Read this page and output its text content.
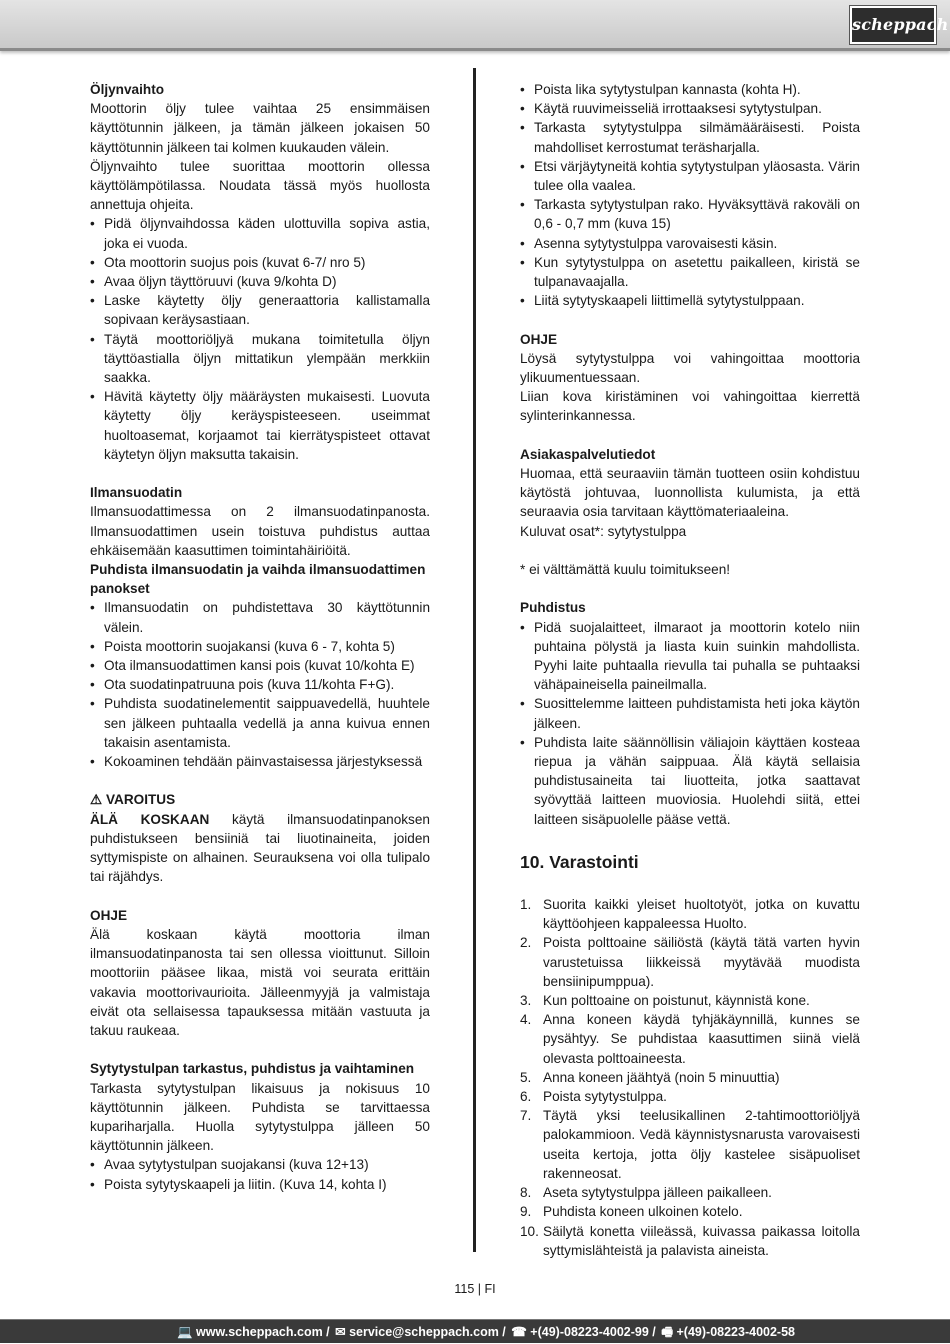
scheppach
Öljynvaihto

Moottorin öljy tulee vaihtaa 25 ensimmäisen käyttötunnin jälkeen, ja tämän jälkeen jokaisen 50 käyttötunnin jälkeen tai kolmen kuukauden välein.

Öljynvaihto tulee suorittaa moottorin ollessa käyttölämpötilassa. Noudata tässä myös huollosta annettuja ohjeita.

• Pidä öljynvaihdossa käden ulottuvilla sopiva astia, joka ei vuoda.
• Ota moottorin suojus pois (kuvat 6-7/ nro 5)
• Avaa öljyn täyttöruuvi (kuva 9/kohta D)
• Laske käytetty öljy generaattoria kallistamalla sopivaan keräysastiaan.
• Täytä moottoriöljyä mukana toimitetulla öljyn täyttöastialla öljyn mittatikun ylempään merkkiin saakka.
• Hävitä käytetty öljy määräysten mukaisesti. Luovuta käytetty öljy keräyspisteeseen. useimmat huoltoasemat, korjaamot tai kierrätyspisteet ottavat käytetyn öljyn maksutta takaisin.
Ilmansuodatin

Ilmansuodattimessa on 2 ilmansuodatinpanosta. Ilmansuodattimen usein toistuva puhdistus auttaa ehkäisemään kaasuttimen toimintahäiriöitä.

Puhdista ilmansuodatin ja vaihda ilmansuodattimen panokset
• Ilmansuodatin on puhdistettava 30 käyttötunnin välein.
• Poista moottorin suojakansi (kuva 6 - 7, kohta 5)
• Ota ilmansuodattimen kansi pois (kuvat 10/kohta E)
• Ota suodatinpatruuna pois (kuva 11/kohta F+G).
• Puhdista suodatinelementit saippuavedellä, huuhtele sen jälkeen puhtaalla vedellä ja anna kuivua ennen takaisin asentamista.
• Kokoaminen tehdään päinvastaisessa järjestyksessä
⚠ VAROITUS

ÄLÄ KOSKAAN käytä ilmansuodatinpanoksen puhdistukseen bensiiniä tai liuotinaineita, joiden syttymispiste on alhainen. Seurauksena voi olla tulipalo tai räjähdys.

OHJE

Älä koskaan käytä moottoria ilman ilmansuodatinpanosta tai sen ollessa vioittunut. Silloin moottoriin pääsee likaa, mistä voi seurata erittäin vakavia moottorivaurioita. Jälleenmyyjä ja valmistaja eivät ota sellaisessa tapauksessa mitään vastuuta ja takuu raukeaa.

Sytytystulpan tarkastus, puhdistus ja vaihtaminen

Tarkasta sytytystulpan likaisuus ja nokisuus 10 käyttötunnin jälkeen. Puhdista se tarvittaessa kupariharjalla. Huolla sytytystulppa jälleen 50 käyttötunnin jälkeen.

• Avaa sytytystulpan suojakansi (kuva 12+13)
• Poista sytytyskaapeli ja liitin. (Kuva 14, kohta I)
• Poista lika sytytystulpan kannasta (kohta H).
• Käytä ruuvimeisseliä irrottaaksesi sytytystulpan.
• Tarkasta sytytystulppa silmämääräisesti. Poista mahdolliset kerrostumat teräsharjalla.
• Etsi värjäytyneitä kohtia sytytystulpan yläosasta. Värin tulee olla vaalea.
• Tarkasta sytytystulpan rako. Hyväksyttävä rakoväli on 0,6 - 0,7 mm (kuva 15)
• Asenna sytytystulppa varovaisesti käsin.
• Kun sytytystulppa on asetettu paikalleen, kiristä se tulpanavaajalla.
• Liitä sytytyskaapeli liittimellä sytytystulppaan.
OHJE

Löysä sytytystulppa voi vahingoittaa moottoria ylikuumentuessaan.

Liian kova kiristäminen voi vahingoittaa kierrettä sylinterinkannessa.

Asiakaspalvelutiedot

Huomaa, että seuraaviin tämän tuotteen osiin kohdistuu käytöstä johtuvaa, luonnollista kulumista, ja että seuraavia osia tarvitaan käyttömateriaaleina.

Kuluvat osat*: sytytystulppa

* ei välttämättä kuulu toimitukseen!

Puhdistus
• Pidä suojalaitteet, ilmaraot ja moottorin kotelo niin puhtaina pölystä ja liasta kuin suinkin mahdollista. Pyyhi laite puhtaalla rievulla tai puhalla se puhtaaksi vähäpaineisella paineilmalla.
• Suosittelemme laitteen puhdistamista heti joka käytön jälkeen.
• Puhdista laite säännöllisin väliajoin käyttäen kosteaa riepua ja vähän saippuaa. Älä käytä sellaisia puhdistusaineita tai liuotteita, jotka saattavat syövyttää laitteen muoviosia. Huolehdi siitä, ettei laitteen sisäpuolelle pääse vettä.
10. Varastointi
1. Suorita kaikki yleiset huoltotyöt, jotka on kuvattu käyttöohjeen kappaleessa Huolto.
2. Poista polttoaine säiliöstä (käytä tätä varten hyvin varustetuissa liikkeissä myytävää muodista bensiinipumppua).
3. Kun polttoaine on poistunut, käynnistä kone.
4. Anna koneen käydä tyhjäkäynnillä, kunnes se pysähtyy. Se puhdistaa kaasuttimen siinä vielä olevasta polttoaineesta.
5. Anna koneen jäähtyä (noin 5 minuuttia)
6. Poista sytytystulppa.
7. Täytä yksi teelusikallinen 2-tahtimoottoriöljyä palokammioon. Vedä käynnistysnarusta varovaisesti useita kertoja, jotta öljy kastelee sisäpuoliset rakenneosat.
8. Aseta sytytystulppa jälleen paikalleen.
9. Puhdista koneen ulkoinen kotelo.
10. Säilytä konetta viileässä, kuivassa paikassa loitolla syttymislähteistä ja palavista aineista.
115 | FI
💻 www.scheppach.com / ✉ service@scheppach.com / ☎ +(49)-08223-4002-99 / 🖷 +(49)-08223-4002-58
